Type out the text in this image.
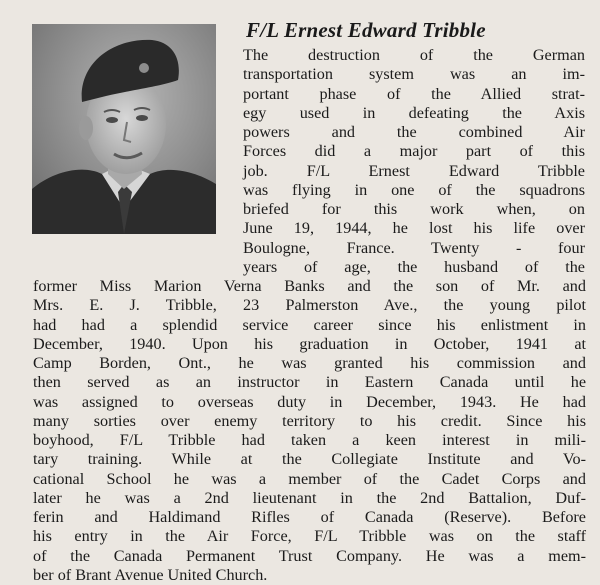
F/L Ernest Edward Tribble
The destruction of the German
transportation system was an im-
portant phase of the Allied strat-
egy used in defeating the Axis
powers and the combined Air
Forces did a major part of this
job. F/L Ernest Edward Tribble
was flying in one of the squadrons
briefed for this work when, on
June 19, 1944, he lost his life over
Boulogne, France. Twenty - four
years of age, the husband of the
former Miss Marion Verna Banks and the son of Mr. and
Mrs. E. J. Tribble, 23 Palmerston Ave., the young pilot
had had a splendid service career since his enlistment in
December, 1940. Upon his graduation in October, 1941 at
Camp Borden, Ont., he was granted his commission and
then served as an instructor in Eastern Canada until he
was assigned to overseas duty in December, 1943. He had
many sorties over enemy territory to his credit. Since his
boyhood, F/L Tribble had taken a keen interest in mili-
tary training. While at the Collegiate Institute and Vo-
cational School he was a member of the Cadet Corps and
later he was a 2nd lieutenant in the 2nd Battalion, Duf-
ferin and Haldimand Rifles of Canada (Reserve). Before
his entry in the Air Force, F/L Tribble was on the staff
of the Canada Permanent Trust Company. He was a mem-
ber of Brant Avenue United Church.
